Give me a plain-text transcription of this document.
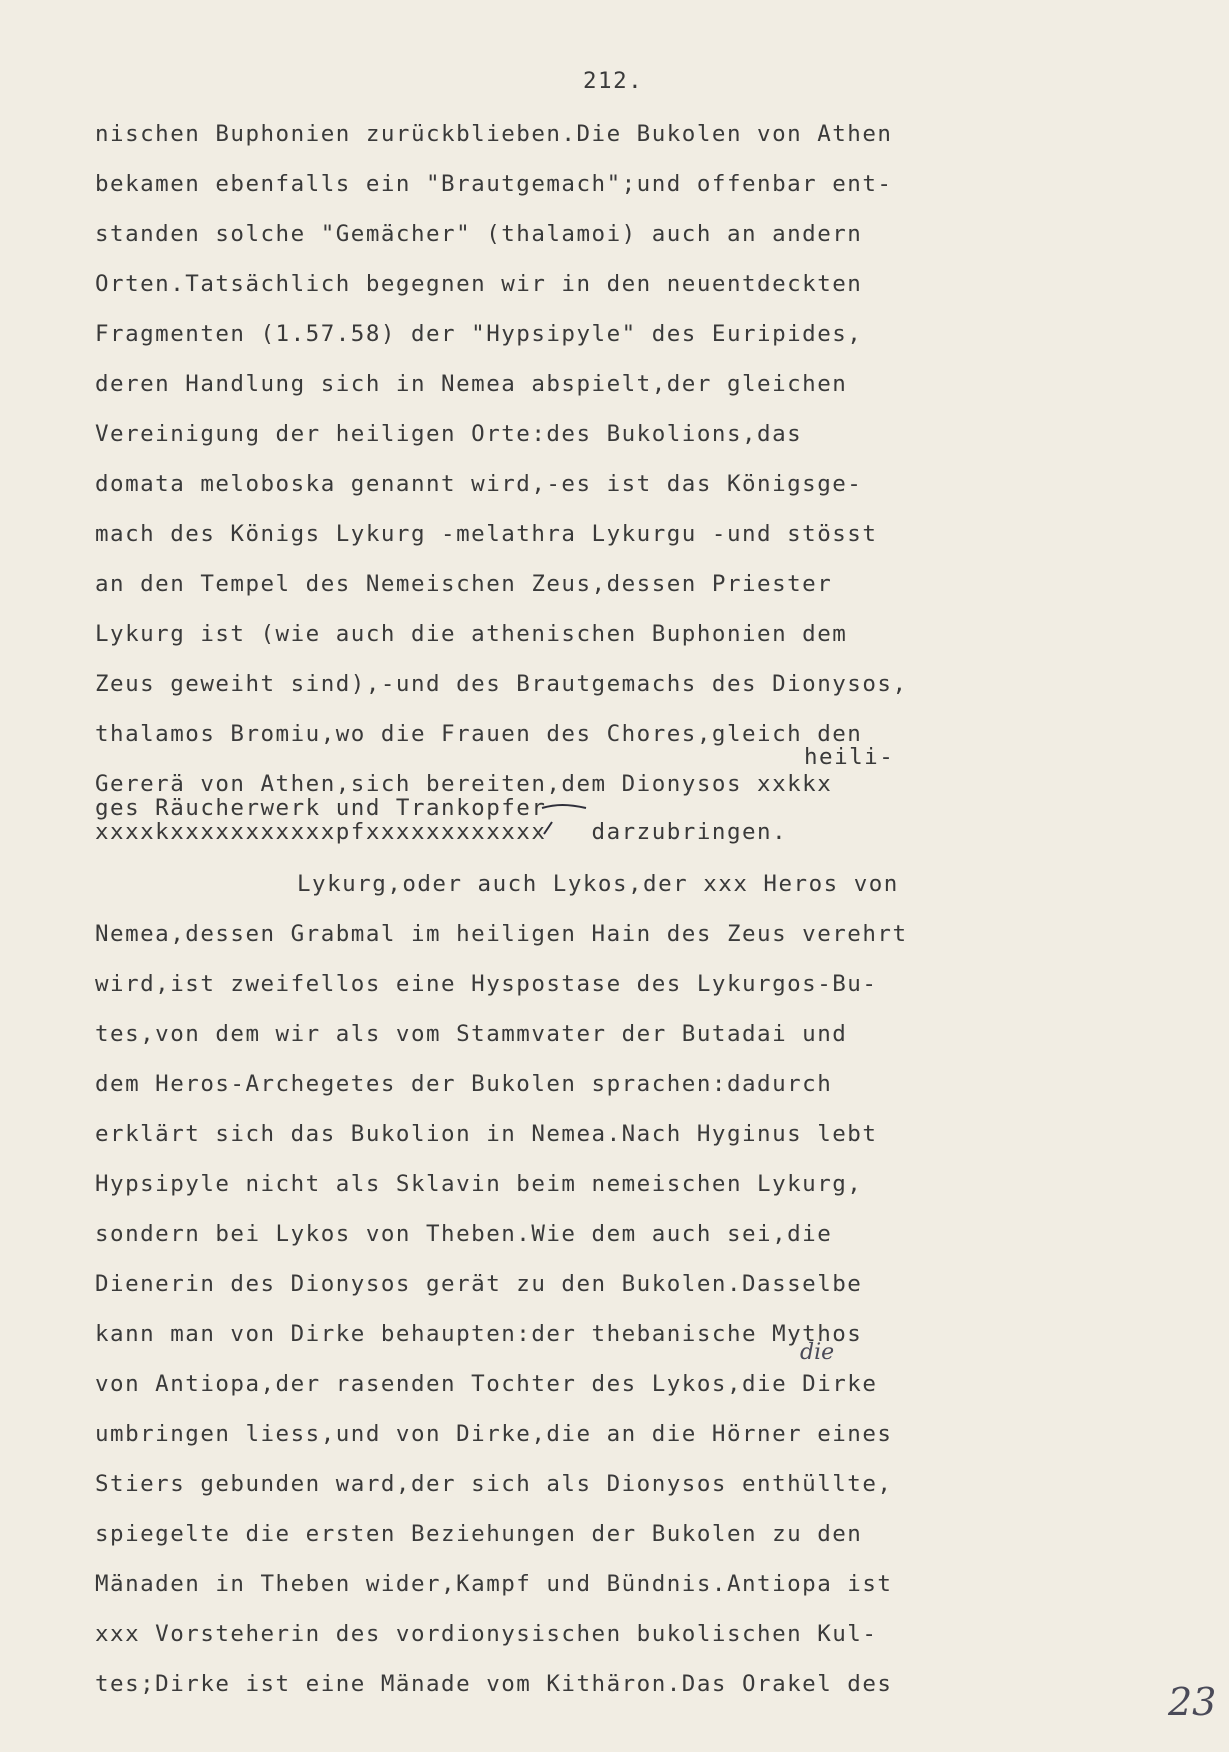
212.
nischen Buphonien zurückblieben.Die Bukolen von Athen
bekamen ebenfalls ein "Brautgemach";und offenbar ent-
standen solche "Gemächer" (thalamoi) auch an andern
Orten.Tatsächlich begegnen wir in den neuentdeckten
Fragmenten (1.57.58) der "Hypsipyle" des Euripides,
deren Handlung sich in Nemea abspielt,der gleichen
Vereinigung der heiligen Orte:des Bukolions,das
domata meloboska genannt wird,-es ist das Königsge-
mach des Königs Lykurg -melathra Lykurgu -und stösst
an den Tempel des Nemeischen Zeus,dessen Priester
Lykurg ist (wie auch die athenischen Buphonien dem
Zeus geweiht sind),-und des Brautgemachs des Dionysos,
thalamos Bromiu,wo die Frauen des Chores,gleich den
heili-
Gererä von Athen,sich bereiten,dem Dionysos xxkkx
ges Räucherwerk und Trankopfer
xxxxkxxxxxxxxxxxpfxxxxxxxxxxxx   darzubringen.
Lykurg,oder auch Lykos,der xxx Heros von
Nemea,dessen Grabmal im heiligen Hain des Zeus verehrt
wird,ist zweifellos eine Hyspostase des Lykurgos-Bu-
tes,von dem wir als vom Stammvater der Butadai und
dem Heros-Archegetes der Bukolen sprachen:dadurch
erklärt sich das Bukolion in Nemea.Nach Hyginus lebt
Hypsipyle nicht als Sklavin beim nemeischen Lykurg,
sondern bei Lykos von Theben.Wie dem auch sei,die
Dienerin des Dionysos gerät zu den Bukolen.Dasselbe
kann man von Dirke behaupten:der thebanische Mythos
die
von Antiopa,der rasenden Tochter des Lykos,die Dirke
umbringen liess,und von Dirke,die an die Hörner eines
Stiers gebunden ward,der sich als Dionysos enthüllte,
spiegelte die ersten Beziehungen der Bukolen zu den
Mänaden in Theben wider,Kampf und Bündnis.Antiopa ist
xxx Vorsteherin des vordionysischen bukolischen Kul-
tes;Dirke ist eine Mänade vom Kithäron.Das Orakel des	23
